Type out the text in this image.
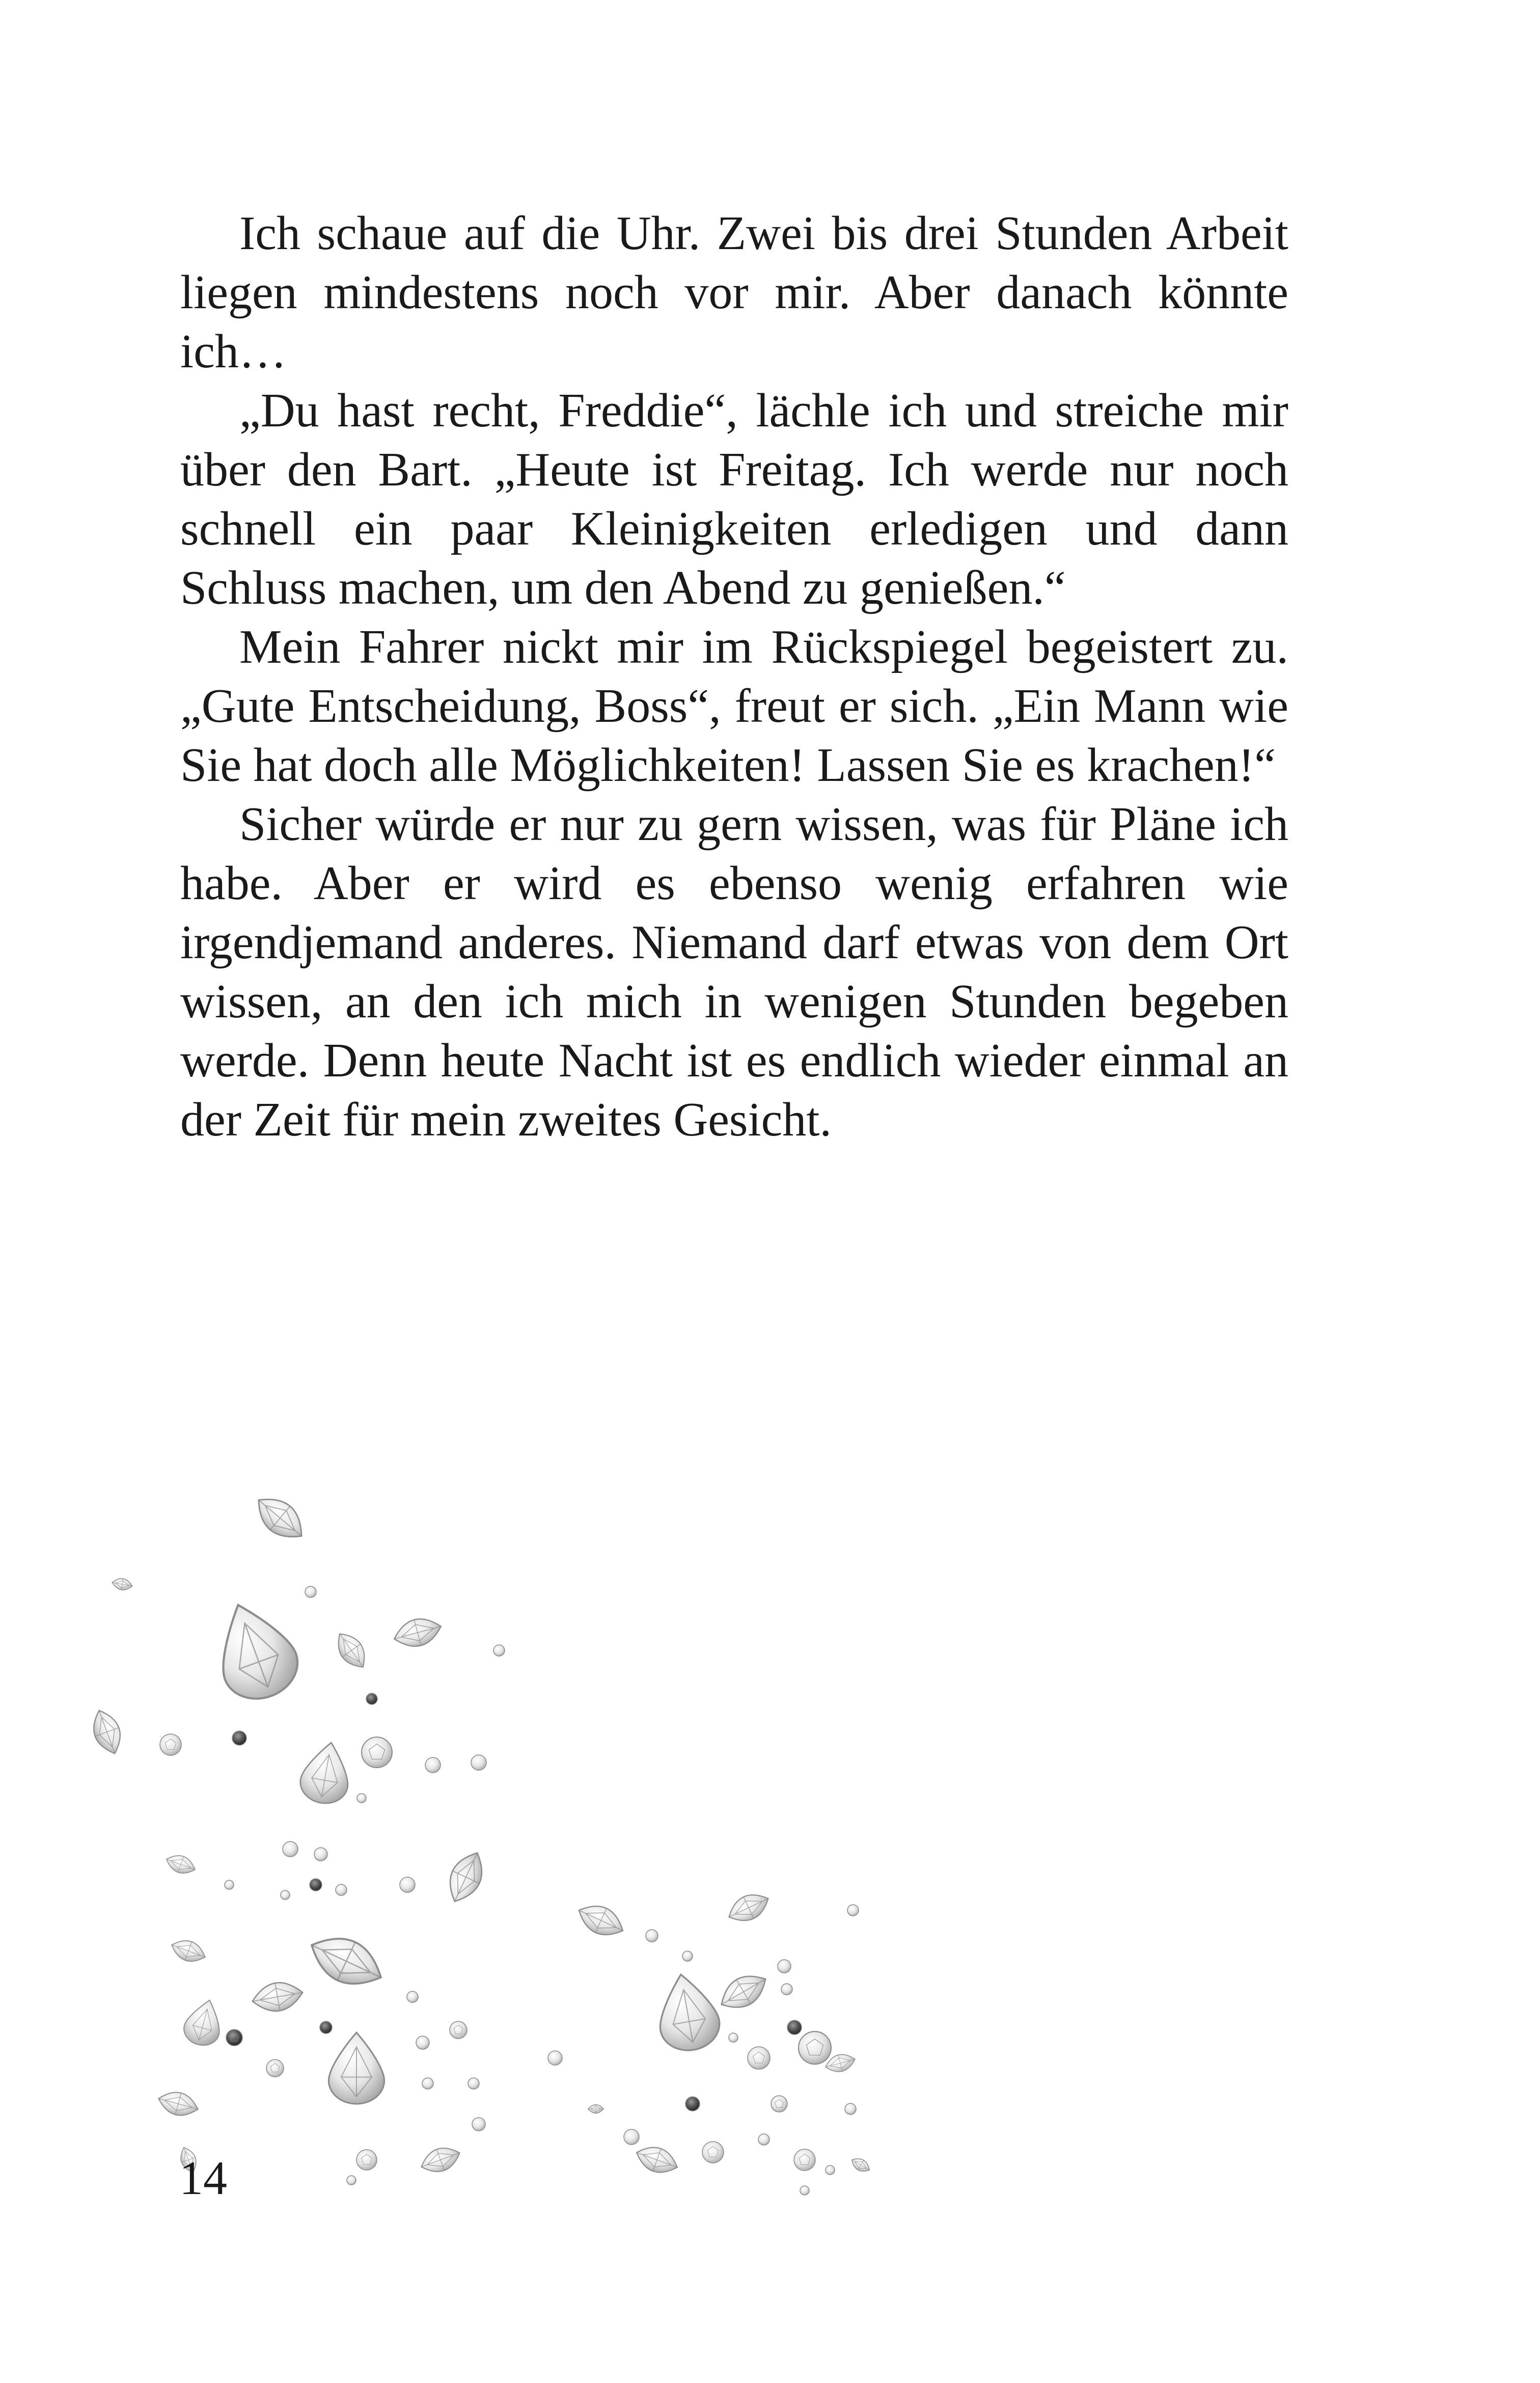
Ich schaue auf die Uhr. Zwei bis drei Stunden Arbeit liegen mindestens noch vor mir. Aber danach könnte ich…

„Du hast recht, Freddie“, lächle ich und streiche mir über den Bart. „Heute ist Freitag. Ich werde nur noch schnell ein paar Kleinigkeiten erledigen und dann Schluss machen, um den Abend zu genießen.“

Mein Fahrer nickt mir im Rückspiegel begeistert zu. „Gute Entscheidung, Boss“, freut er sich. „Ein Mann wie Sie hat doch alle Möglichkeiten! Lassen Sie es krachen!“

Sicher würde er nur zu gern wissen, was für Pläne ich habe. Aber er wird es ebenso wenig erfahren wie irgendjemand anderes. Niemand darf etwas von dem Ort wissen, an den ich mich in wenigen Stunden begeben werde. Denn heute Nacht ist es endlich wieder einmal an der Zeit für mein zweites Gesicht.

14
